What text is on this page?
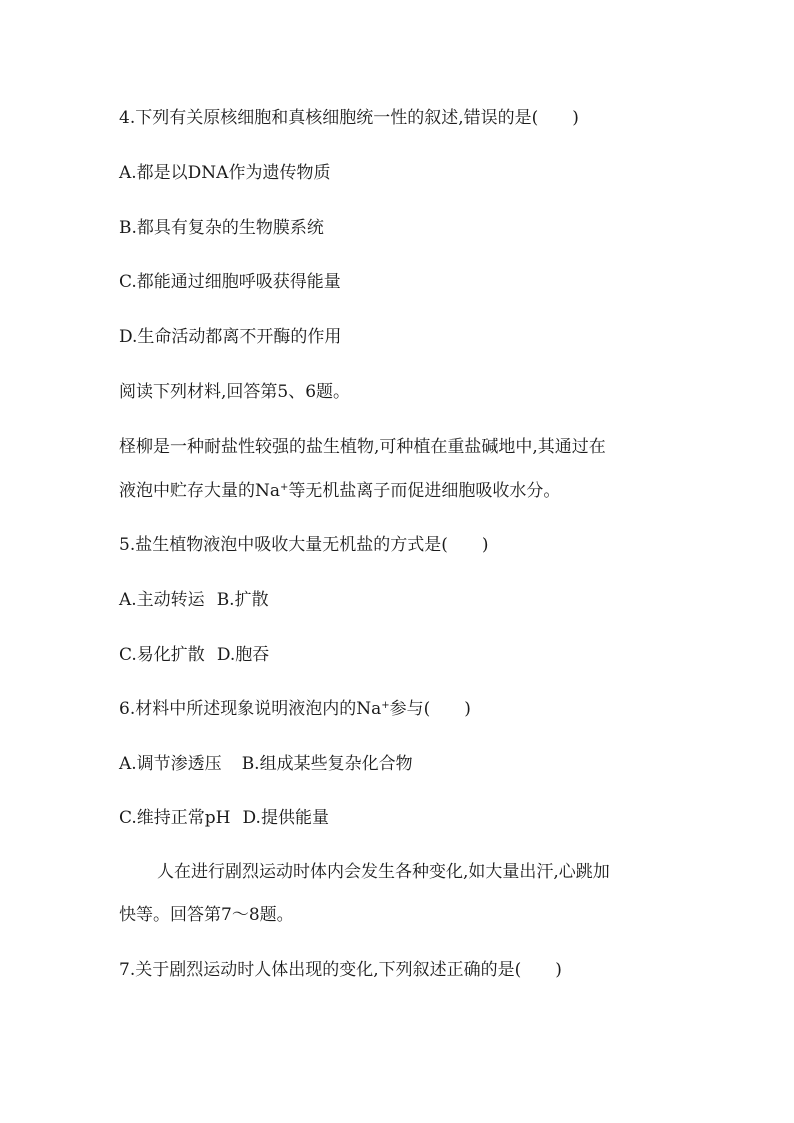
4.下列有关原核细胞和真核细胞统一性的叙述,错误的是(　　)
A.都是以DNA作为遗传物质
B.都具有复杂的生物膜系统
C.都能通过细胞呼吸获得能量
D.生命活动都离不开酶的作用
阅读下列材料,回答第5、6题。
柽柳是一种耐盐性较强的盐生植物,可种植在重盐碱地中,其通过在
液泡中贮存大量的Na+等无机盐离子而促进细胞吸收水分。
5.盐生植物液泡中吸收大量无机盐的方式是(　　)
A.主动转运 B.扩散
C.易化扩散 D.胞吞
6.材料中所述现象说明液泡内的Na+参与(　　)
A.调节渗透压 B.组成某些复杂化合物
C.维持正常pH D.提供能量
人在进行剧烈运动时体内会发生各种变化,如大量出汗,心跳加
快等。回答第7～8题。
7.关于剧烈运动时人体出现的变化,下列叙述正确的是(　　)
